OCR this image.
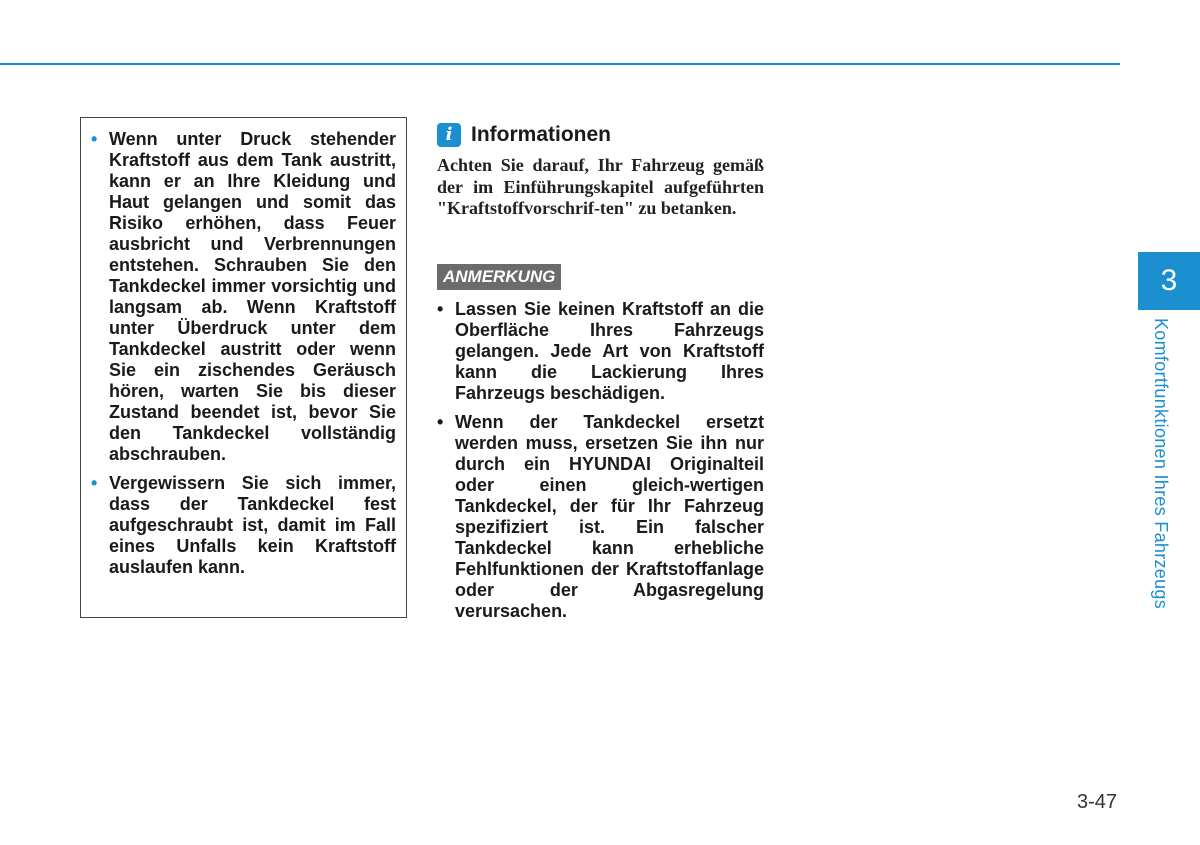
• Wenn unter Druck stehender Kraftstoff aus dem Tank austritt, kann er an Ihre Kleidung und Haut gelangen und somit das Risiko erhöhen, dass Feuer ausbricht und Verbrennungen entstehen. Schrauben Sie den Tankdeckel immer vorsichtig und langsam ab. Wenn Kraftstoff unter Überdruck unter dem Tankdeckel austritt oder wenn Sie ein zischendes Geräusch hören, warten Sie bis dieser Zustand beendet ist, bevor Sie den Tankdeckel vollständig abschrauben.
• Vergewissern Sie sich immer, dass der Tankdeckel fest aufgeschraubt ist, damit im Fall eines Unfalls kein Kraftstoff auslaufen kann.
i Informationen
Achten Sie darauf, Ihr Fahrzeug gemäß der im Einführungskapitel aufgeführten "Kraftstoffvorschrif-ten" zu betanken.
ANMERKUNG
• Lassen Sie keinen Kraftstoff an die Oberfläche Ihres Fahrzeugs gelangen. Jede Art von Kraftstoff kann die Lackierung Ihres Fahrzeugs beschädigen.
• Wenn der Tankdeckel ersetzt werden muss, ersetzen Sie ihn nur durch ein HYUNDAI Originalteil oder einen gleich-wertigen Tankdeckel, der für Ihr Fahrzeug spezifiziert ist. Ein falscher Tankdeckel kann erhebliche Fehlfunktionen der Kraftstoffanlage oder der Abgasregelung verursachen.
3
Komfortfunktionen Ihres Fahrzeugs
3-47
